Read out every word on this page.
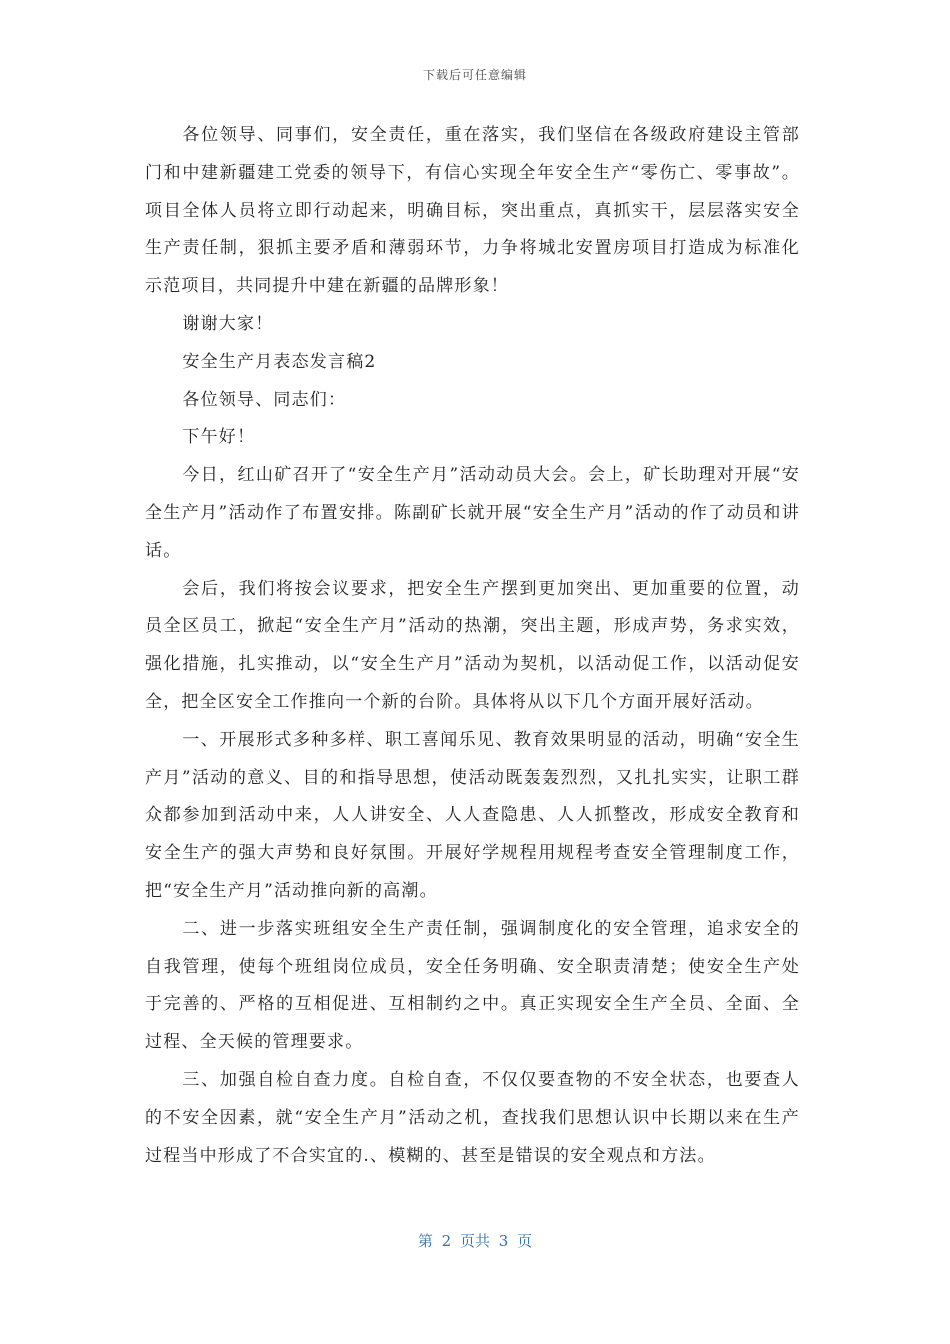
下载后可任意编辑

各位领导、同事们，安全责任，重在落实，我们坚信在各级政府建设主管部门和中建新疆建工党委的领导下，有信心实现全年安全生产“零伤亡、零事故”。项目全体人员将立即行动起来，明确目标，突出重点，真抓实干，层层落实安全生产责任制，狠抓主要矛盾和薄弱环节，力争将城北安置房项目打造成为标准化示范项目，共同提升中建在新疆的品牌形象！

谢谢大家！

安全生产月表态发言稿2

各位领导、同志们：

下午好！

今日，红山矿召开了“安全生产月”活动动员大会。会上，矿长助理对开展“安全生产月”活动作了布置安排。陈副矿长就开展“安全生产月”活动的作了动员和讲话。

会后，我们将按会议要求，把安全生产摆到更加突出、更加重要的位置，动员全区员工，掀起“安全生产月”活动的热潮，突出主题，形成声势，务求实效，强化措施，扎实推动，以“安全生产月”活动为契机，以活动促工作，以活动促安全，把全区安全工作推向一个新的台阶。具体将从以下几个方面开展好活动。

一、开展形式多种多样、职工喜闻乐见、教育效果明显的活动，明确“安全生产月”活动的意义、目的和指导思想，使活动既轰轰烈烈，又扎扎实实，让职工群众都参加到活动中来，人人讲安全、人人查隐患、人人抓整改，形成安全教育和安全生产的强大声势和良好氛围。开展好学规程用规程考查安全管理制度工作，把“安全生产月”活动推向新的高潮。

二、进一步落实班组安全生产责任制，强调制度化的安全管理，追求安全的自我管理，使每个班组岗位成员，安全任务明确、安全职责清楚；使安全生产处于完善的、严格的互相促进、互相制约之中。真正实现安全生产全员、全面、全过程、全天候的管理要求。

三、加强自检自查力度。自检自查，不仅仅要查物的不安全状态，也要查人的不安全因素，就“安全生产月”活动之机，查找我们思想认识中长期以来在生产过程当中形成了不合实宜的.、模糊的、甚至是错误的安全观点和方法。

第 2 页共 3 页
